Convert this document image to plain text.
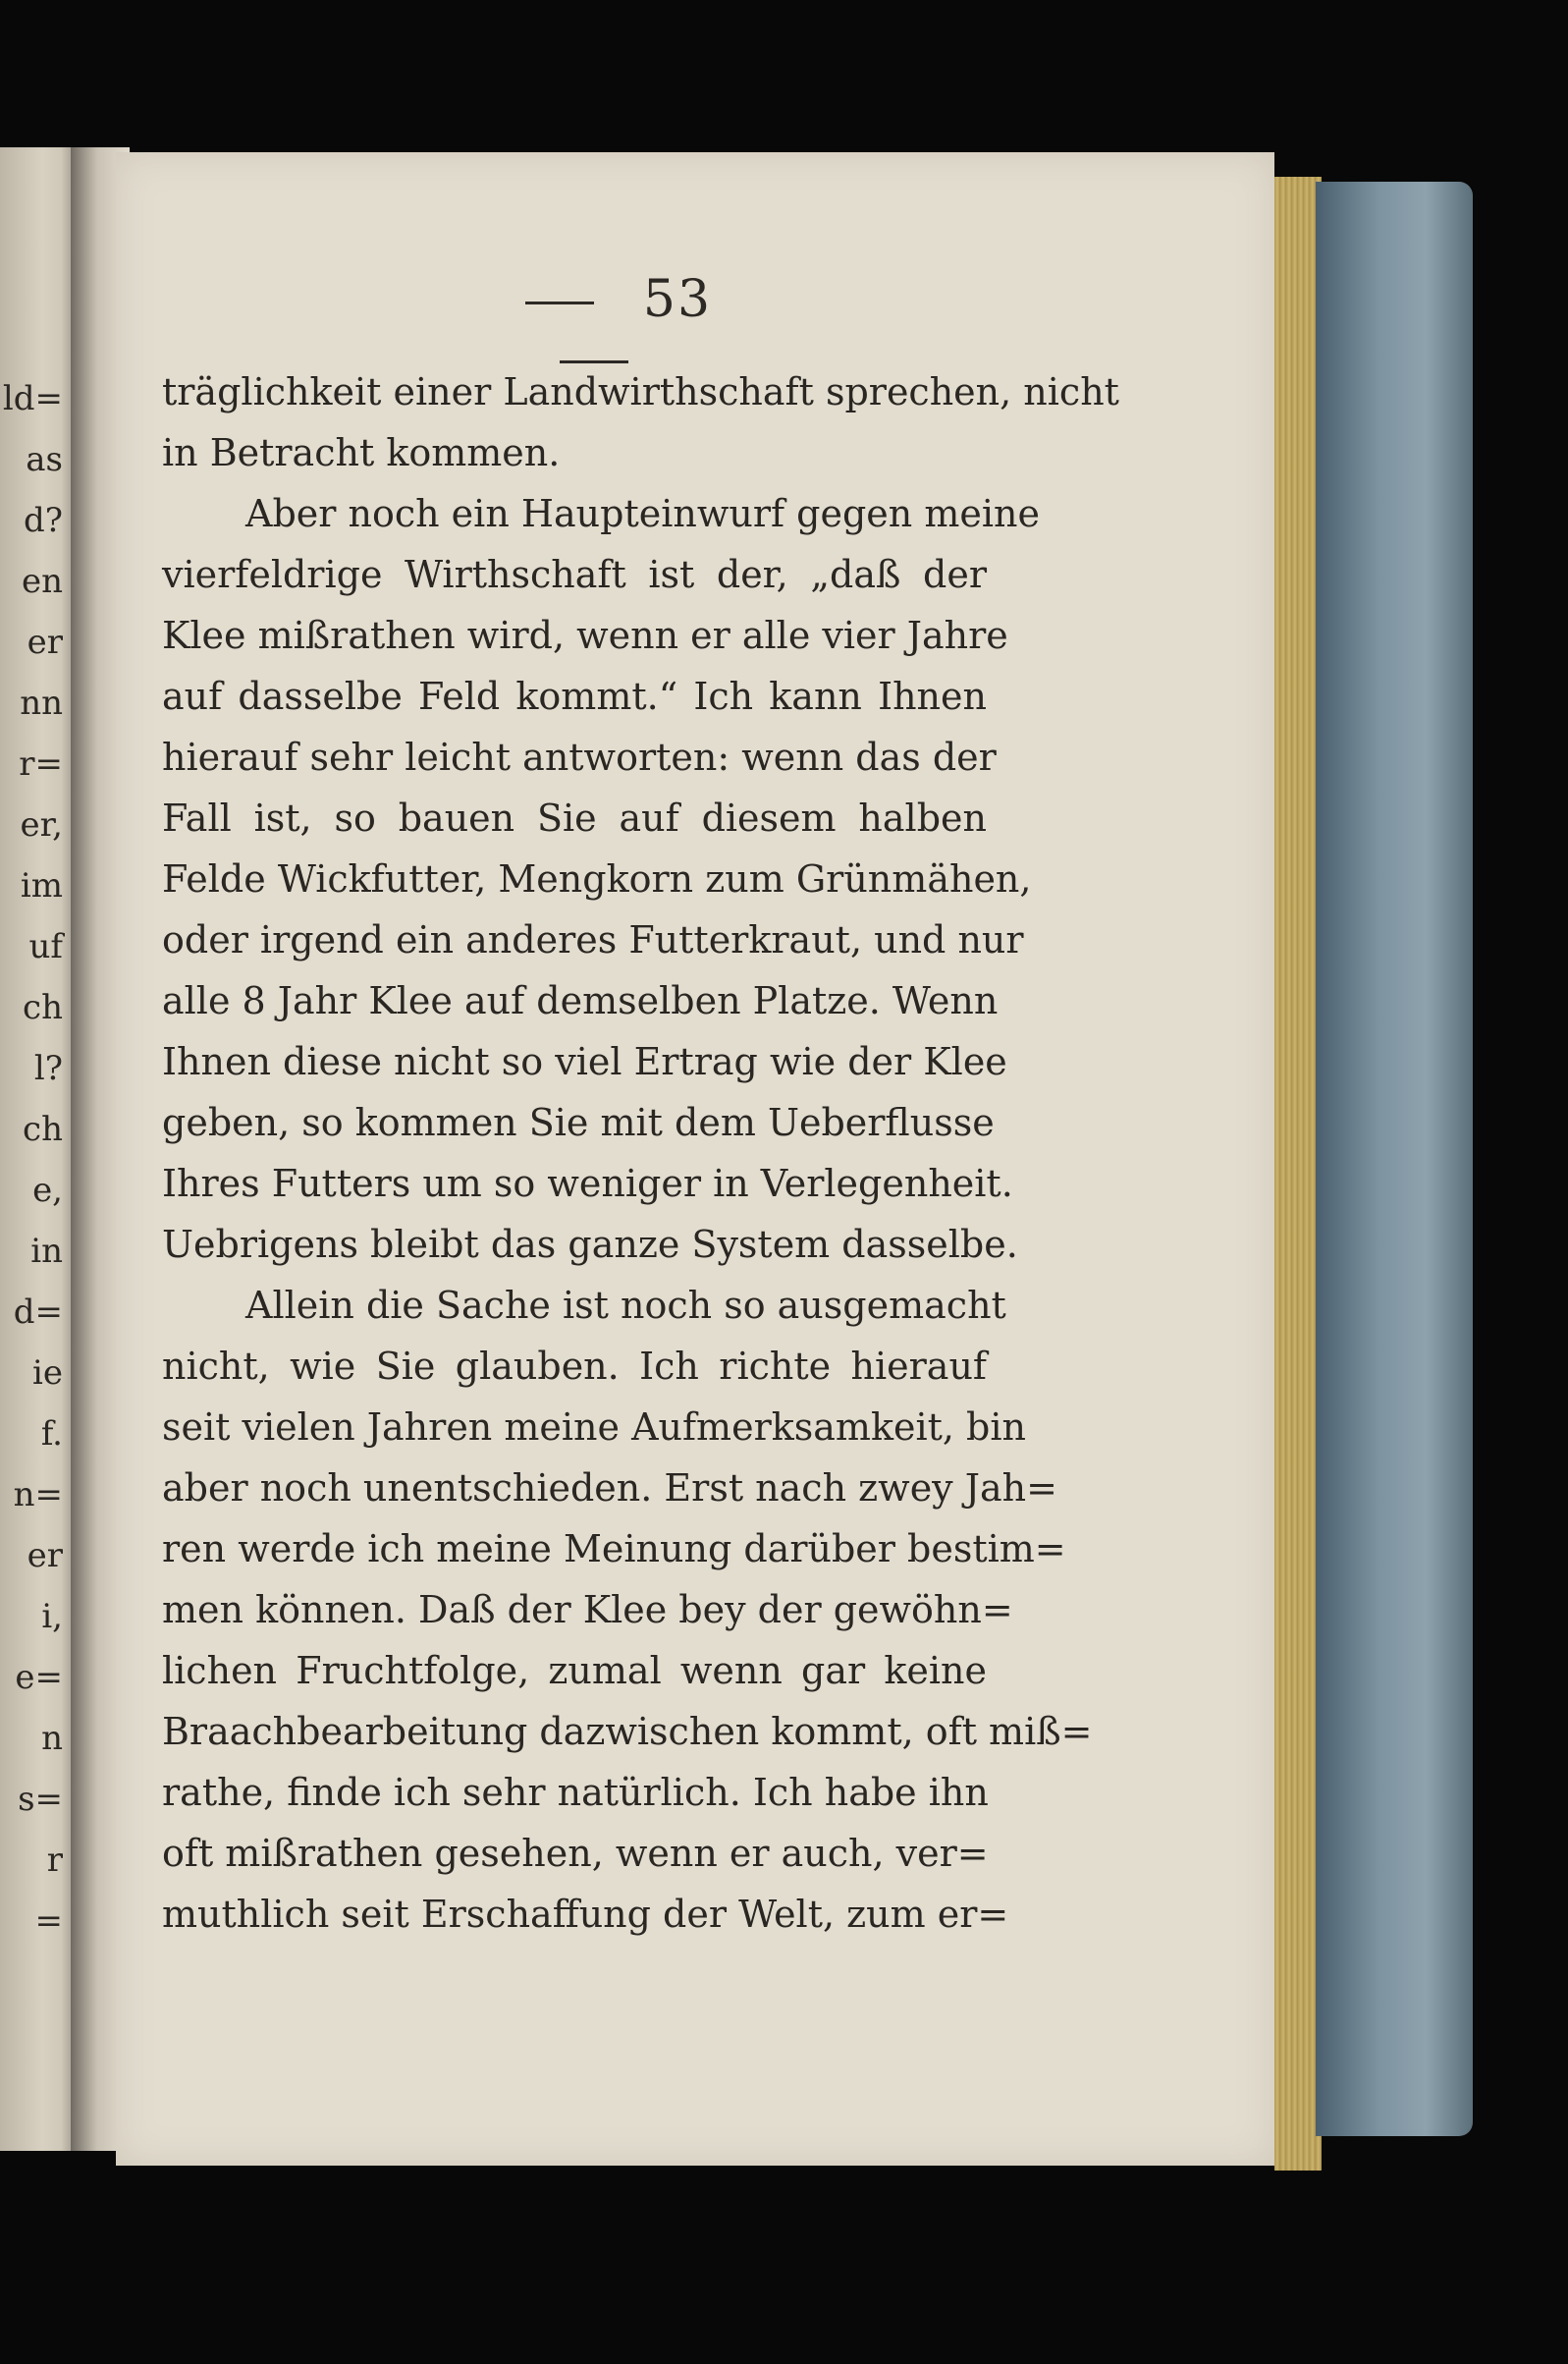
ld=
as
d?
en
er
nn
r=
er,
im
uf
ch
l?
ch
e,
in
d=
ie
f.
n=
er
i,
e=
n
s=
r
=
53
träglichkeit einer Landwirthschaft sprechen, nicht
in Betracht kommen.
Aber noch ein Haupteinwurf gegen meine
vierfeldrige Wirthschaft ist der, „daß der
Klee mißrathen wird, wenn er alle vier Jahre
auf dasselbe Feld kommt.“ Ich kann Ihnen
hierauf sehr leicht antworten: wenn das der
Fall ist, so bauen Sie auf diesem halben
Felde Wickfutter, Mengkorn zum Grünmähen,
oder irgend ein anderes Futterkraut, und nur
alle 8 Jahr Klee auf demselben Platze. Wenn
Ihnen diese nicht so viel Ertrag wie der Klee
geben, so kommen Sie mit dem Ueberflusse
Ihres Futters um so weniger in Verlegenheit.
Uebrigens bleibt das ganze System dasselbe.
Allein die Sache ist noch so ausgemacht
nicht, wie Sie glauben. Ich richte hierauf
seit vielen Jahren meine Aufmerksamkeit, bin
aber noch unentschieden. Erst nach zwey Jah=
ren werde ich meine Meinung darüber bestim=
men können. Daß der Klee bey der gewöhn=
lichen Fruchtfolge, zumal wenn gar keine
Braachbearbeitung dazwischen kommt, oft miß=
rathe, finde ich sehr natürlich. Ich habe ihn
oft mißrathen gesehen, wenn er auch, ver=
muthlich seit Erschaffung der Welt, zum er=
